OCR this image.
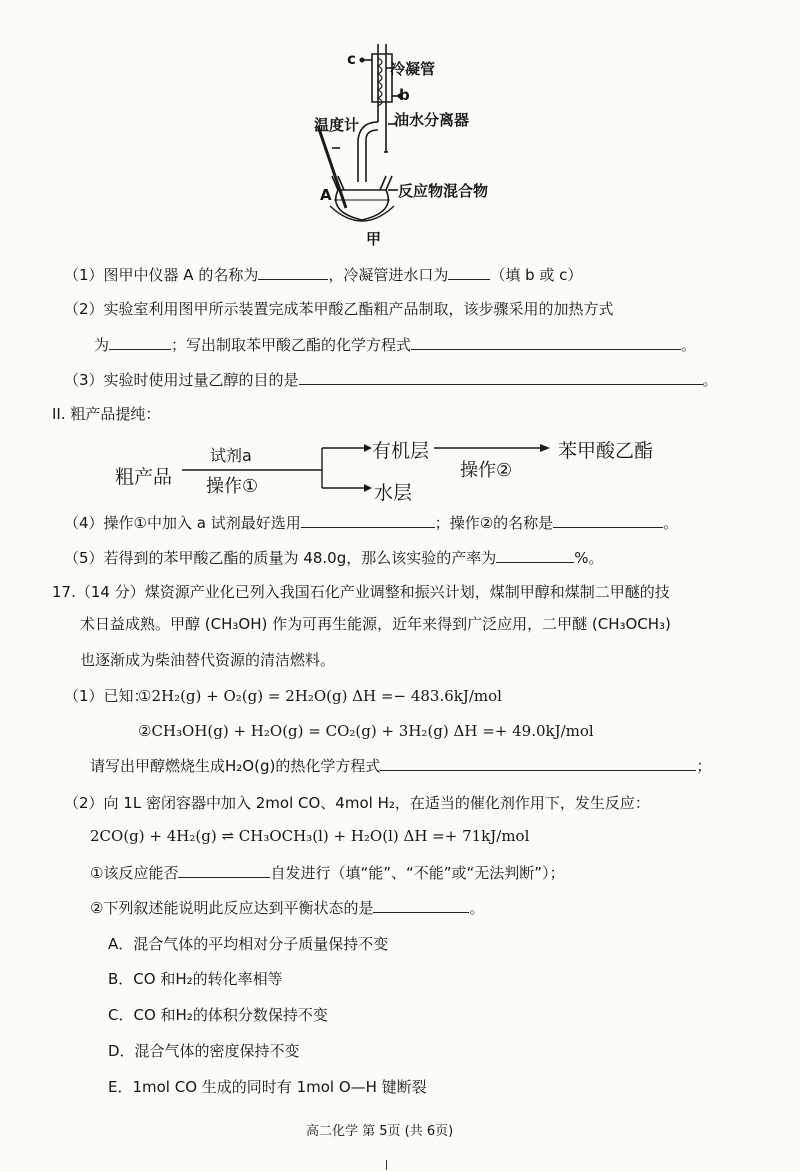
c
冷凝管
b
油水分离器
温度计
A	反应物混合物
甲
（1）图甲中仪器 A 的名称为	，冷凝管进水口为	（填 b 或 c）
（2）实验室利用图甲所示装置完成苯甲酸乙酯粗产品制取，该步骤采用的加热方式
为	；写出制取苯甲酸乙酯的化学方程式	。
（3）实验时使用过量乙醇的目的是	。
II. 粗产品提纯：
粗产品
试剂a
操作①
有机层
水层
操作②
苯甲酸乙酯
（4）操作①中加入 a 试剂最好选用	；操作②的名称是	。
（5）若得到的苯甲酸乙酯的质量为 48.0g，那么该实验的产率为	%。
17.（14 分）煤资源产业化已列入我国石化产业调整和振兴计划，煤制甲醇和煤制二甲醚的技
术日益成熟。甲醇 (CH₃OH) 作为可再生能源，近年来得到广泛应用，二甲醚 (CH₃OCH₃)
也逐渐成为柴油替代资源的清洁燃料。
（1）已知：
①2H₂(g) + O₂(g) = 2H₂O(g) ΔH =− 483.6kJ/mol
②CH₃OH(g) + H₂O(g) = CO₂(g) + 3H₂(g) ΔH =+ 49.0kJ/mol
请写出甲醇燃烧生成H₂O(g)的热化学方程式	；
（2）向 1L 密闭容器中加入 2mol CO、4mol H₂，在适当的催化剂作用下，发生反应：
2CO(g) + 4H₂(g) ⇌ CH₃OCH₃(l) + H₂O(l) ΔH =+ 71kJ/mol
①该反应能否	自发进行（填“能”、“不能”或“无法判断”）；
②下列叙述能说明此反应达到平衡状态的是	。
A．混合气体的平均相对分子质量保持不变
B．CO 和H₂的转化率相等
C．CO 和H₂的体积分数保持不变
D．混合气体的密度保持不变
E．1mol CO 生成的同时有 1mol O—H 键断裂
高二化学 第 5页 (共 6页)
